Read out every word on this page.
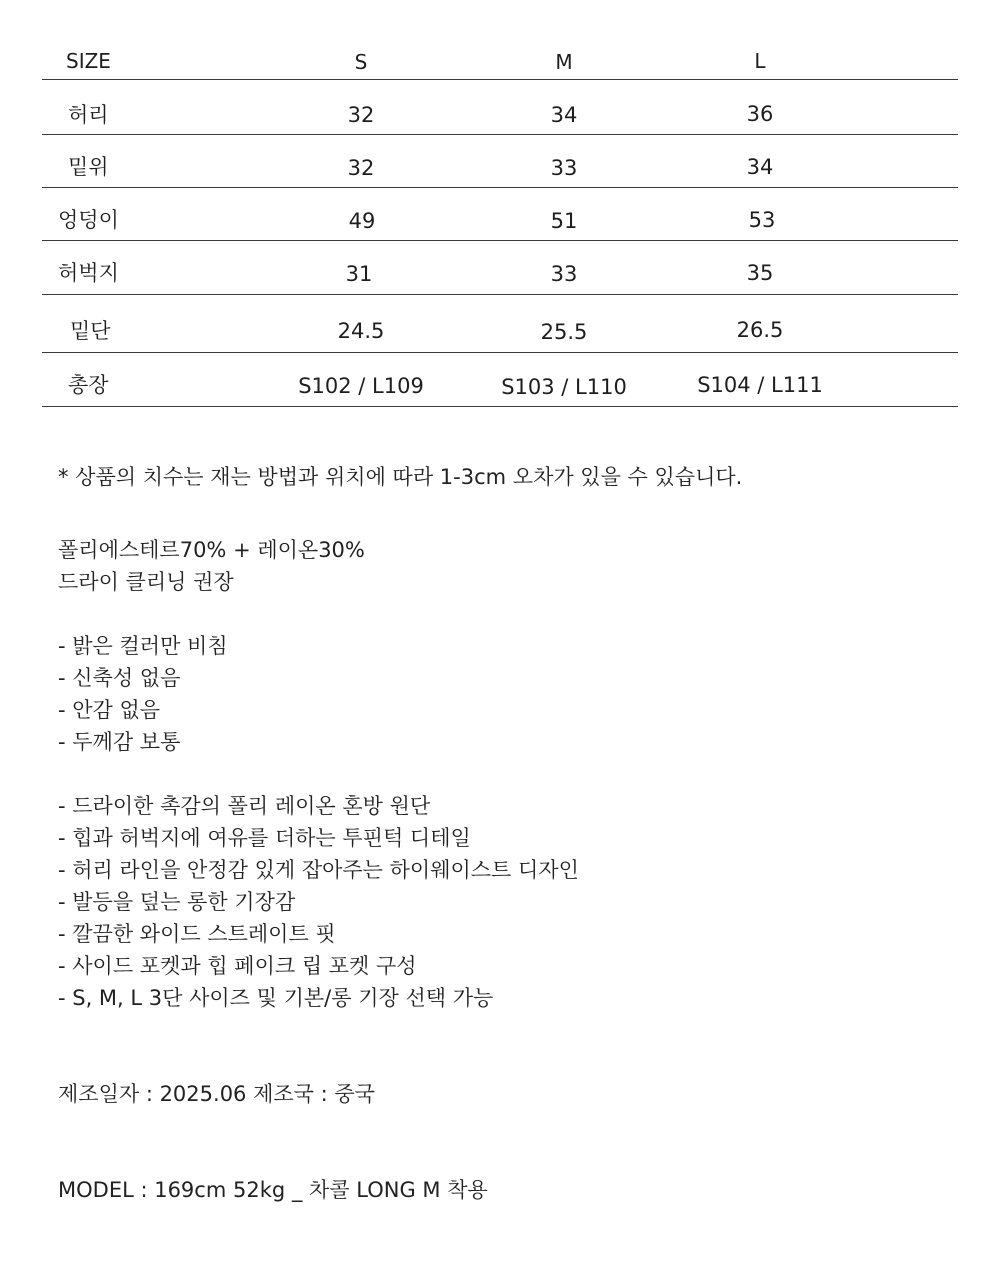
SIZE	S	M	L
허리	32	34	36
밑위	32	33	34
엉덩이	49	51	53
허벅지	31	33	35
밑단	24.5	25.5	26.5
총장	S102 / L109	S103 / L110	S104 / L111
* 상품의 치수는 재는 방법과 위치에 따라 1-3cm 오차가 있을 수 있습니다.
폴리에스테르70% + 레이온30%
드라이 클리닝 권장
- 밝은 컬러만 비침
- 신축성 없음
- 안감 없음
- 두께감 보통
- 드라이한 촉감의 폴리 레이온 혼방 원단
- 힙과 허벅지에 여유를 더하는 투핀턱 디테일
- 허리 라인을 안정감 있게 잡아주는 하이웨이스트 디자인
- 발등을 덮는 롱한 기장감
- 깔끔한 와이드 스트레이트 핏
- 사이드 포켓과 힙 페이크 립 포켓 구성
- S, M, L 3단 사이즈 및 기본/롱 기장 선택 가능
제조일자 : 2025.06 제조국 : 중국
MODEL : 169cm 52kg _ 차콜 LONG M 착용
